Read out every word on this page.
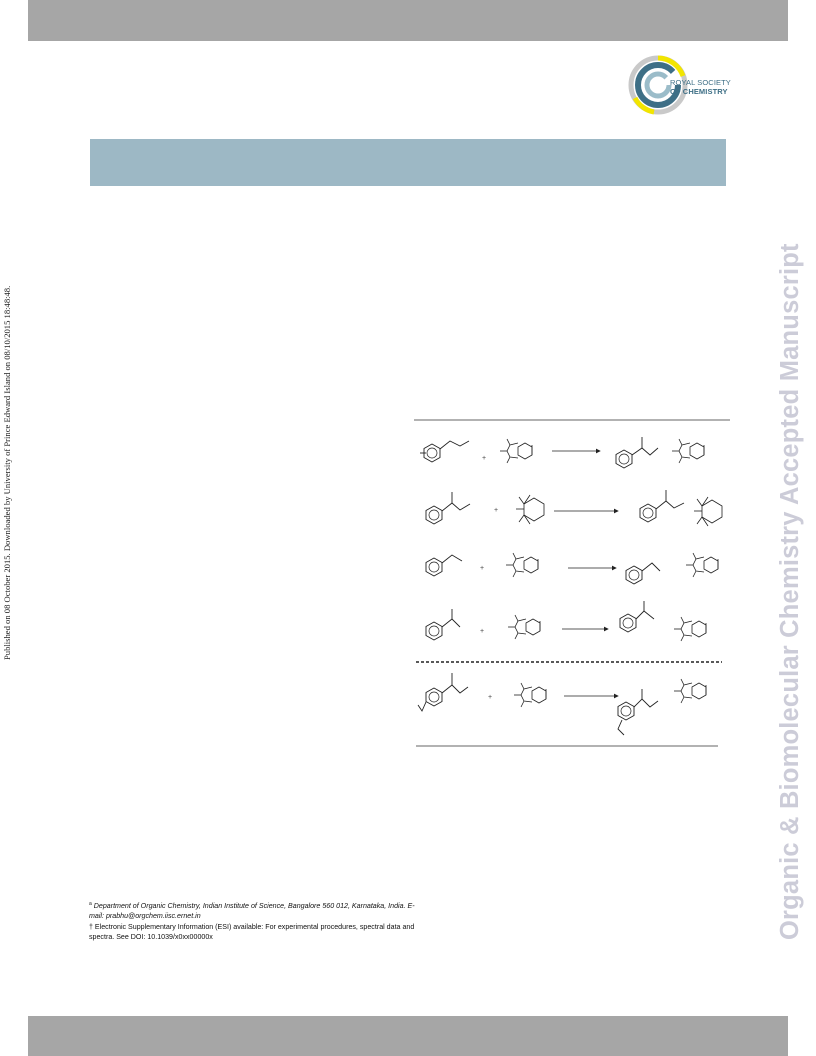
ROYAL SOCIETY
OF CHEMISTRY
Published on 08 October 2015. Downloaded by University of Prince Edward Island on 08/10/2015 18:48:48.	Organic & Biomolecular Chemistry Accepted Manuscript
+
+
+
+
+
$^a$ Department of Organic Chemistry, Indian Institute of Science, Bangalore 560 012, Karnataka, India. E-mail: prabhu@orgchem.iisc.ernet.in
† Electronic Supplementary Information (ESI) available: For experimental procedures, spectral data and spectra. See DOI: 10.1039/x0xx00000x
